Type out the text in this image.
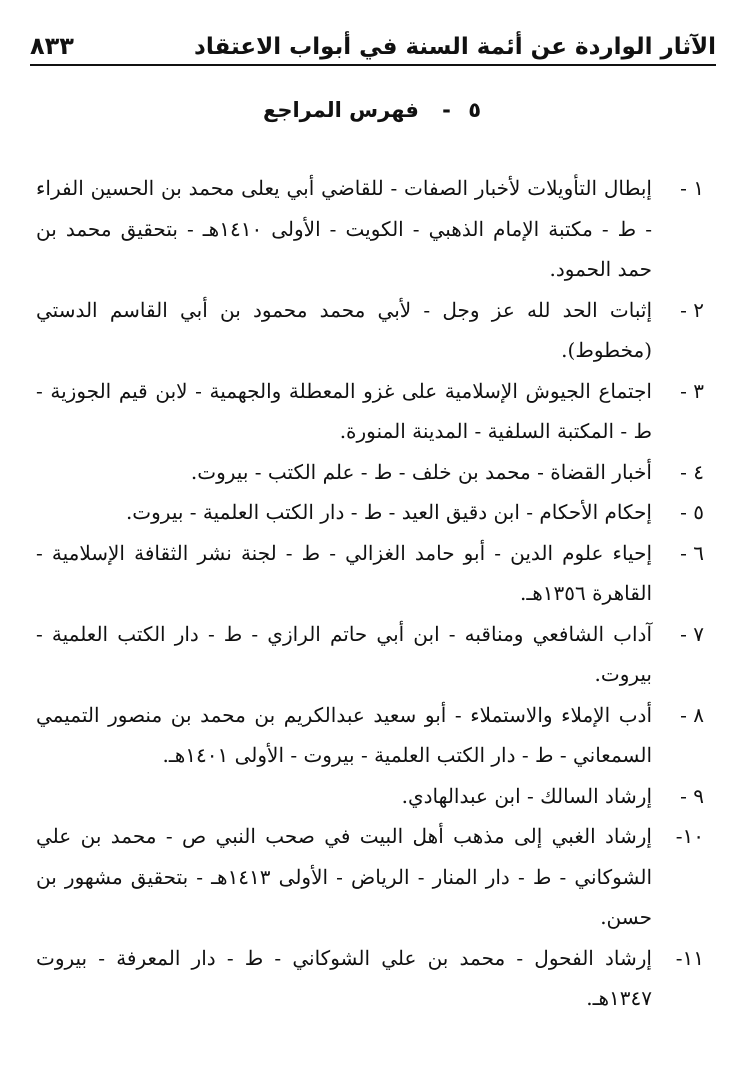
الآثار الواردة عن أئمة السنة في أبواب الاعتقاد
٨٣٣
٥ - فهرس المراجع
١ -
إبطال التأويلات لأخبار الصفات - للقاضي أبي يعلى محمد بن الحسين الفراء - ط - مكتبة الإمام الذهبي - الكويت - الأولى ١٤١٠هـ - بتحقيق محمد بن حمد الحمود.
٢ -
إثبات الحد لله عز وجل - لأبي محمد محمود بن أبي القاسم الدستي (مخطوط).
٣ -
اجتماع الجيوش الإسلامية على غزو المعطلة والجهمية - لابن قيم الجوزية - ط - المكتبة السلفية - المدينة المنورة.
٤ -
أخبار القضاة - محمد بن خلف - ط - علم الكتب - بيروت.
٥ -
إحكام الأحكام - ابن دقيق العيد - ط - دار الكتب العلمية - بيروت.
٦ -
إحياء علوم الدين - أبو حامد الغزالي - ط - لجنة نشر الثقافة الإسلامية - القاهرة ١٣٥٦هـ.
٧ -
آداب الشافعي ومناقبه - ابن أبي حاتم الرازي - ط - دار الكتب العلمية - بيروت.
٨ -
أدب الإملاء والاستملاء - أبو سعيد عبدالكريم بن محمد بن منصور التميمي السمعاني - ط - دار الكتب العلمية - بيروت - الأولى ١٤٠١هـ.
٩ -
إرشاد السالك - ابن عبدالهادي.
١٠-
إرشاد الغبي إلى مذهب أهل البيت في صحب النبي ص - محمد بن علي الشوكاني - ط - دار المنار - الرياض - الأولى ١٤١٣هـ - بتحقيق مشهور بن حسن.
١١-
إرشاد الفحول - محمد بن علي الشوكاني - ط - دار المعرفة - بيروت ١٣٤٧هـ.
